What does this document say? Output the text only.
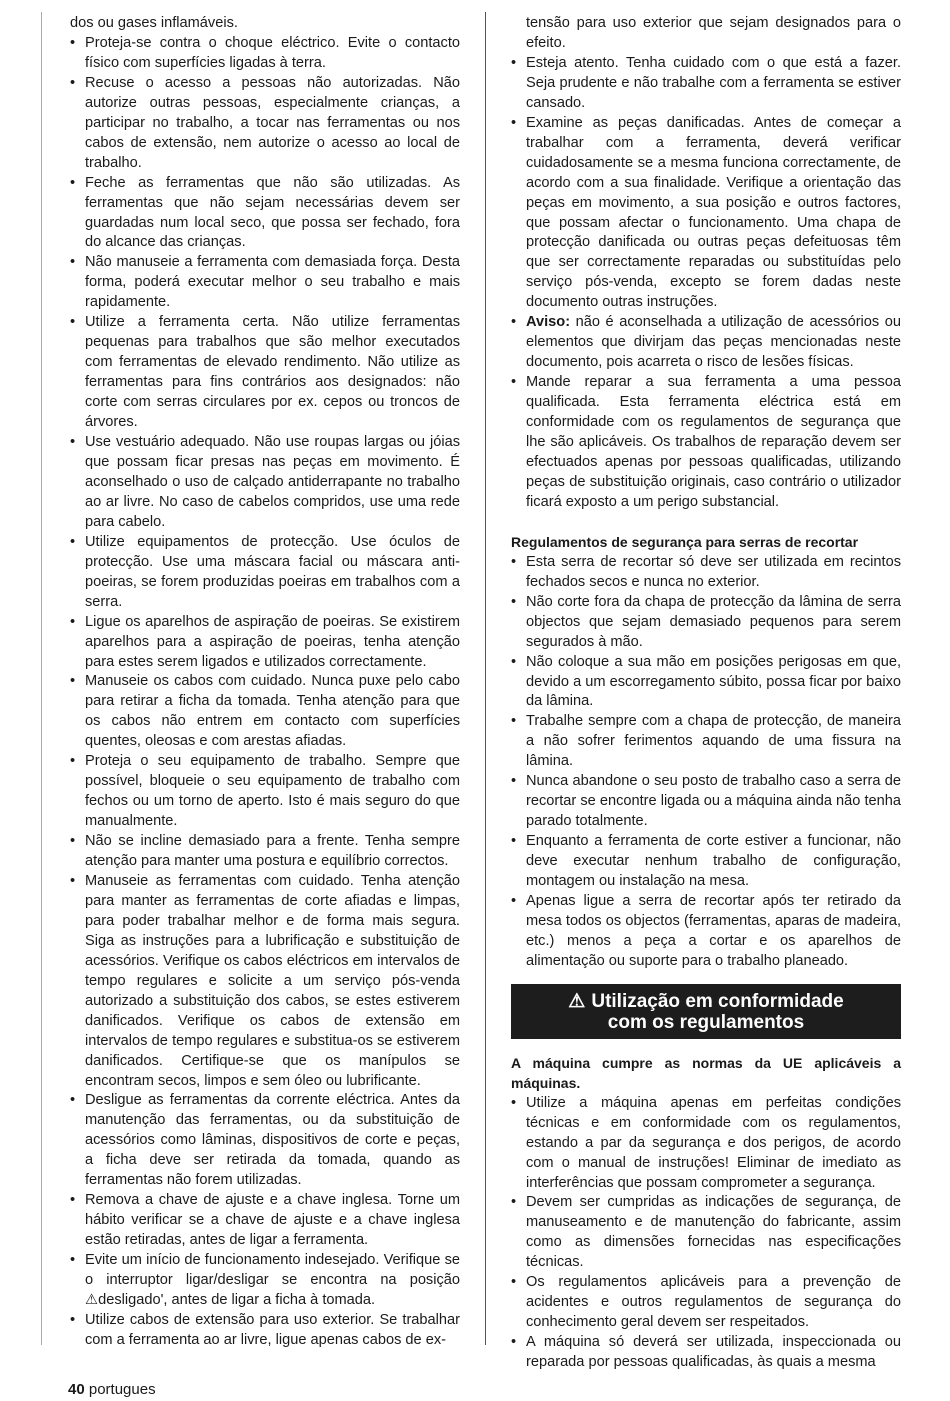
dos ou gases inflamáveis.

• Proteja-se contra o choque eléctrico. Evite o contacto físico com superfícies ligadas à terra.
• Recuse o acesso a pessoas não autorizadas. Não autorize outras pessoas, especialmente crianças, a participar no trabalho, a tocar nas ferramentas ou nos cabos de extensão, nem autorize o acesso ao local de trabalho.
• Feche as ferramentas que não são utilizadas. As ferramentas que não sejam necessárias devem ser guardadas num local seco, que possa ser fechado, fora do alcance das crianças.
• Não manuseie a ferramenta com demasiada força. Desta forma, poderá executar melhor o seu trabalho e mais rapidamente.
• Utilize a ferramenta certa. Não utilize ferramentas pequenas para trabalhos que são melhor executados com ferramentas de elevado rendimento. Não utilize as ferramentas para fins contrários aos designados: não corte com serras circulares por ex. cepos ou troncos de árvores.
• Use vestuário adequado. Não use roupas largas ou jóias que possam ficar presas nas peças em movimento. É aconselhado o uso de calçado antiderrapante no trabalho ao ar livre. No caso de cabelos compridos, use uma rede para cabelo.
• Utilize equipamentos de protecção. Use óculos de protecção. Use uma máscara facial ou máscara anti-poeiras, se forem produzidas poeiras em trabalhos com a serra.
• Ligue os aparelhos de aspiração de poeiras. Se existirem aparelhos para a aspiração de poeiras, tenha atenção para estes serem ligados e utilizados correctamente.
• Manuseie os cabos com cuidado. Nunca puxe pelo cabo para retirar a ficha da tomada. Tenha atenção para que os cabos não entrem em contacto com superfícies quentes, oleosas e com arestas afiadas.
• Proteja o seu equipamento de trabalho. Sempre que possível, bloqueie o seu equipamento de trabalho com fechos ou um torno de aperto. Isto é mais seguro do que manualmente.
• Não se incline demasiado para a frente. Tenha sempre atenção para manter uma postura e equilíbrio correctos.
• Manuseie as ferramentas com cuidado. Tenha atenção para manter as ferramentas de corte afiadas e limpas, para poder trabalhar melhor e de forma mais segura. Siga as instruções para a lubrificação e substituição de acessórios. Verifique os cabos eléctricos em intervalos de tempo regulares e solicite a um serviço pós-venda autorizado a substituição dos cabos, se estes estiverem danificados. Verifique os cabos de extensão em intervalos de tempo regulares e substitua-os se estiverem danificados. Certifique-se que os manípulos se encontram secos, limpos e sem óleo ou lubrificante.
• Desligue as ferramentas da corrente eléctrica. Antes da manutenção das ferramentas, ou da substituição de acessórios como lâminas, dispositivos de corte e peças, a ficha deve ser retirada da tomada, quando as ferramentas não forem utilizadas.
• Remova a chave de ajuste e a chave inglesa. Torne um hábito verificar se a chave de ajuste e a chave inglesa estão retiradas, antes de ligar a ferramenta.
• Evite um início de funcionamento indesejado. Verifique se o interruptor ligar/desligar se encontra na posição ⚠desligado', antes de ligar a ficha à tomada.
• Utilize cabos de extensão para uso exterior. Se trabalhar com a ferramenta ao ar livre, ligue apenas cabos de ex-

tensão para uso exterior que sejam designados para o efeito.

• Esteja atento. Tenha cuidado com o que está a fazer. Seja prudente e não trabalhe com a ferramenta se estiver cansado.
• Examine as peças danificadas. Antes de começar a trabalhar com a ferramenta, deverá verificar cuidadosamente se a mesma funciona correctamente, de acordo com a sua finalidade. Verifique a orientação das peças em movimento, a sua posição e outros factores, que possam afectar o funcionamento. Uma chapa de protecção danificada ou outras peças defeituosas têm que ser correctamente reparadas ou substituídas pelo serviço pós-venda, excepto se forem dadas neste documento outras instruções.
• Aviso: não é aconselhada a utilização de acessórios ou elementos que divirjam das peças mencionadas neste documento, pois acarreta o risco de lesões físicas.
• Mande reparar a sua ferramenta a uma pessoa qualificada. Esta ferramenta eléctrica está em conformidade com os regulamentos de segurança que lhe são aplicáveis. Os trabalhos de reparação devem ser efectuados apenas por pessoas qualificadas, utilizando peças de substituição originais, caso contrário o utilizador ficará exposto a um perigo substancial.
Regulamentos de segurança para serras de recortar
• Esta serra de recortar só deve ser utilizada em recintos fechados secos e nunca no exterior.
• Não corte fora da chapa de protecção da lâmina de serra objectos que sejam demasiado pequenos para serem segurados à mão.
• Não coloque a sua mão em posições perigosas em que, devido a um escorregamento súbito, possa ficar por baixo da lâmina.
• Trabalhe sempre com a chapa de protecção, de maneira a não sofrer ferimentos aquando de uma fissura na lâmina.
• Nunca abandone o seu posto de trabalho caso a serra de recortar se encontre ligada ou a máquina ainda não tenha parado totalmente.
• Enquanto a ferramenta de corte estiver a funcionar, não deve executar nenhum trabalho de configuração, montagem ou instalação na mesa.
• Apenas ligue a serra de recortar após ter retirado da mesa todos os objectos (ferramentas, aparas de madeira, etc.) menos a peça a cortar e os aparelhos de alimentação ou suporte para o trabalho planeado.
⚠ Utilização em conformidade
com os regulamentos
A máquina cumpre as normas da UE aplicáveis a máquinas.
• Utilize a máquina apenas em perfeitas condições técnicas e em conformidade com os regulamentos, estando a par da segurança e dos perigos, de acordo com o manual de instruções! Eliminar de imediato as interferências que possam comprometer a segurança.
• Devem ser cumpridas as indicações de segurança, de manuseamento e de manutenção do fabricante, assim como as dimensões fornecidas nas especificações técnicas.
• Os regulamentos aplicáveis para a prevenção de acidentes e outros regulamentos de segurança do conhecimento geral devem ser respeitados.
• A máquina só deverá ser utilizada, inspeccionada ou reparada por pessoas qualificadas, às quais a mesma
40 portugues
